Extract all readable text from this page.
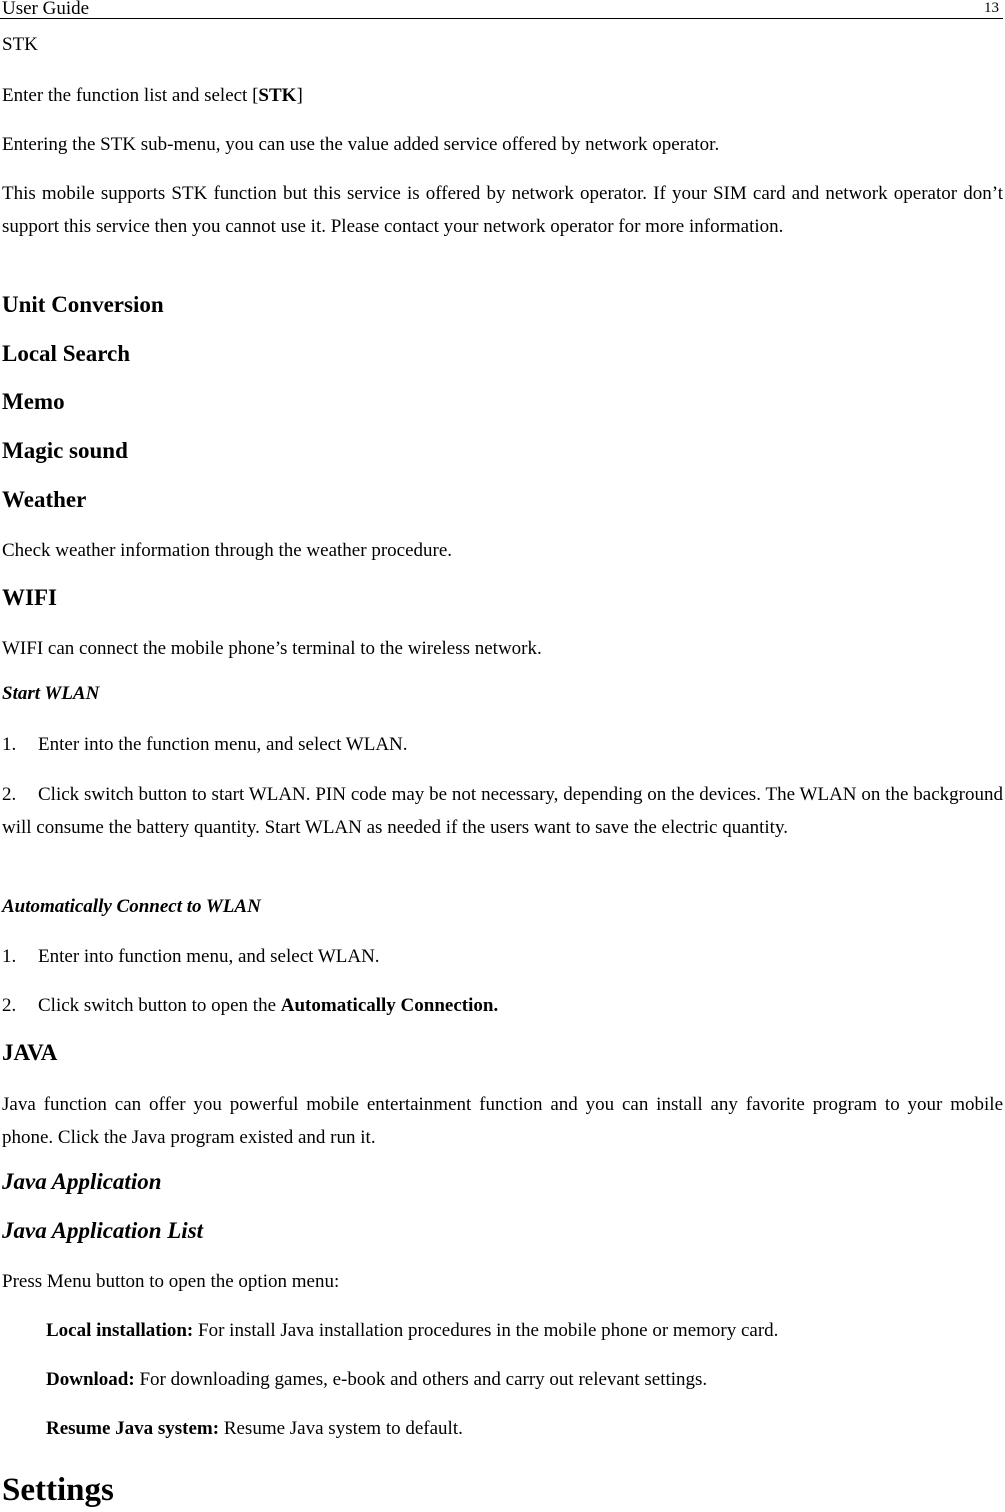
User Guide	13
STK
Enter the function list and select [STK]
Entering the STK sub-menu, you can use the value added service offered by network operator.
This mobile supports STK function but this service is offered by network operator. If your SIM card and network operator don’t support this service then you cannot use it. Please contact your network operator for more information.
Unit Conversion
Local Search
Memo
Magic sound
Weather
Check weather information through the weather procedure.
WIFI
WIFI can connect the mobile phone’s terminal to the wireless network.
Start WLAN
1. Enter into the function menu, and select WLAN.
2. Click switch button to start WLAN. PIN code may be not necessary, depending on the devices. The WLAN on the background will consume the battery quantity. Start WLAN as needed if the users want to save the electric quantity.
Automatically Connect to WLAN
1. Enter into function menu, and select WLAN.
2. Click switch button to open the Automatically Connection.
JAVA
Java function can offer you powerful mobile entertainment function and you can install any favorite program to your mobile phone. Click the Java program existed and run it.
Java Application
Java Application List
Press Menu button to open the option menu:
Local installation: For install Java installation procedures in the mobile phone or memory card.
Download: For downloading games, e-book and others and carry out relevant settings.
Resume Java system: Resume Java system to default.
Settings
